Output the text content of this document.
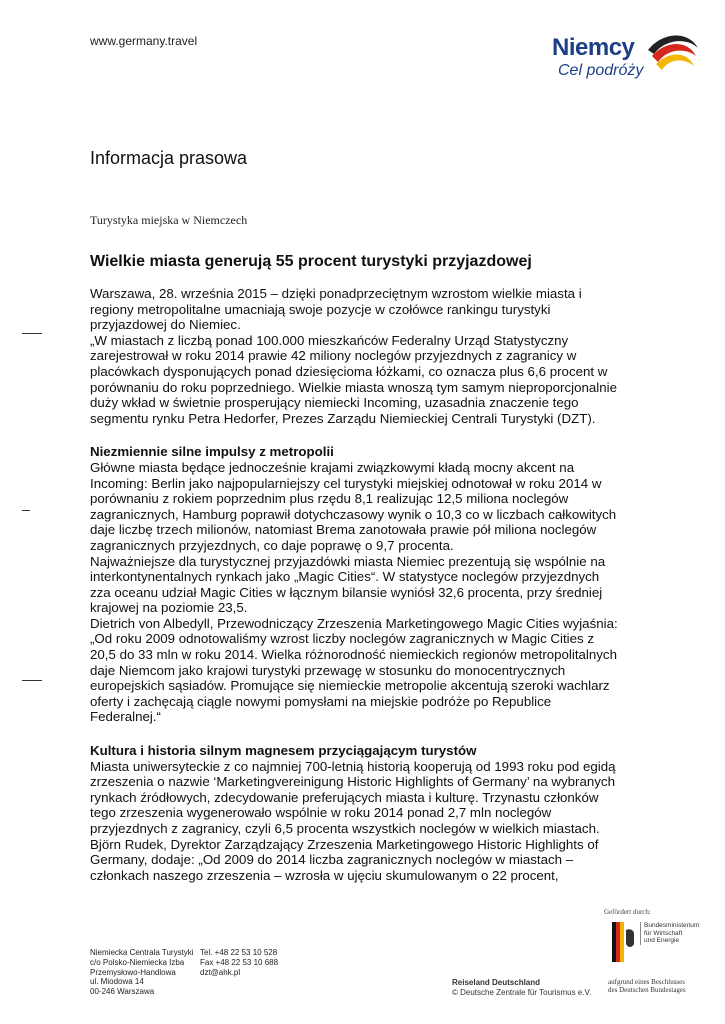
www.germany.travel	Niemcy
Cel podróży
Informacja prasowa
Turystyka miejska w Niemczech
Wielkie miasta generują 55 procent turystyki przyjazdowej

Warszawa, 28. września 2015 – dzięki ponadprzeciętnym wzrostom wielkie miasta i regiony metropolitalne umacniają swoje pozycje w czołówce rankingu turystyki przyjazdowej do Niemiec.

„W miastach z liczbą ponad 100.000 mieszkańców Federalny Urząd Statystyczny zarejestrował w roku 2014 prawie 42 miliony noclegów przyjezdnych z zagranicy w placówkach dysponujących ponad dziesięcioma łóżkami, co oznacza plus 6,6 procent w porównaniu do roku poprzedniego. Wielkie miasta wnoszą tym samym nieproporcjonalnie duży wkład w świetnie prosperujący niemiecki Incoming, uzasadnia znaczenie tego segmentu rynku Petra Hedorfer, Prezes Zarządu Niemieckiej Centrali Turystyki (DZT).

Niezmiennie silne impulsy z metropolii

Główne miasta będące jednocześnie krajami związkowymi kładą mocny akcent na Incoming: Berlin jako najpopularniejszy cel turystyki miejskiej odnotował w roku 2014 w porównaniu z rokiem poprzednim plus rzędu 8,1 realizując 12,5 miliona noclegów zagranicznych, Hamburg poprawił dotychczasowy wynik o 10,3 co w liczbach całkowitych daje liczbę trzech milionów, natomiast Brema zanotowała prawie pół miliona noclegów zagranicznych przyjezdnych, co daje poprawę o 9,7 procenta.

Najważniejsze dla turystycznej przyjazdówki miasta Niemiec prezentują się wspólnie na interkontynentalnych rynkach jako „Magic Cities“. W statystyce noclegów przyjezdnych zza oceanu udział Magic Cities w łącznym bilansie wyniósł 32,6 procenta, przy średniej krajowej na poziomie 23,5.

Dietrich von Albedyll, Przewodniczący Zrzeszenia Marketingowego Magic Cities wyjaśnia: „Od roku 2009 odnotowaliśmy wzrost liczby noclegów zagranicznych w Magic Cities z 20,5 do 33 mln w roku 2014. Wielka różnorodność niemieckich regionów metropolitalnych daje Niemcom jako krajowi turystyki przewagę w stosunku do monocentrycznych europejskich sąsiadów. Promujące się niemieckie metropolie akcentują szeroki wachlarz oferty i zachęcają ciągle nowymi pomysłami na miejskie podróże po Republice Federalnej.“

Kultura i historia silnym magnesem przyciągającym turystów

Miasta uniwersyteckie z co najmniej 700-letnią historią kooperują od 1993 roku pod egidą zrzeszenia o nazwie ‘Marketingvereinigung Historic Highlights of Germany’ na wybranych rynkach źródłowych, zdecydowanie preferujących miasta i kulturę. Trzynastu członków tego zrzeszenia wygenerowało wspólnie w roku 2014 ponad 2,7 mln noclegów przyjezdnych z zagranicy, czyli 6,5 procenta wszystkich noclegów w wielkich miastach.

Björn Rudek, Dyrektor Zarządzający Zrzeszenia Marketingowego Historic Highlights of Germany, dodaje: „Od 2009 do 2014 liczba zagranicznych noclegów w miastach – członkach naszego zrzeszenia – wzrosła w ujęciu skumulowanym o 22 procent,

Niemiecka Centrala Turystyki
c/o Polsko-Niemiecka Izba
Przemysłowo-Handlowa
ul. Miodowa 14
00-246 Warszawa
Tel. +48 22 53 10 528
Fax +48 22 53 10 688
dzt@ahk.pl
Reiseland Deutschland
© Deutsche Zentrale für Tourismus e.V.
Gefördert durch:
Bundesministerium
für Wirtschaft
und Energie
aufgrund eines Beschlusses
des Deutschen Bundestages
